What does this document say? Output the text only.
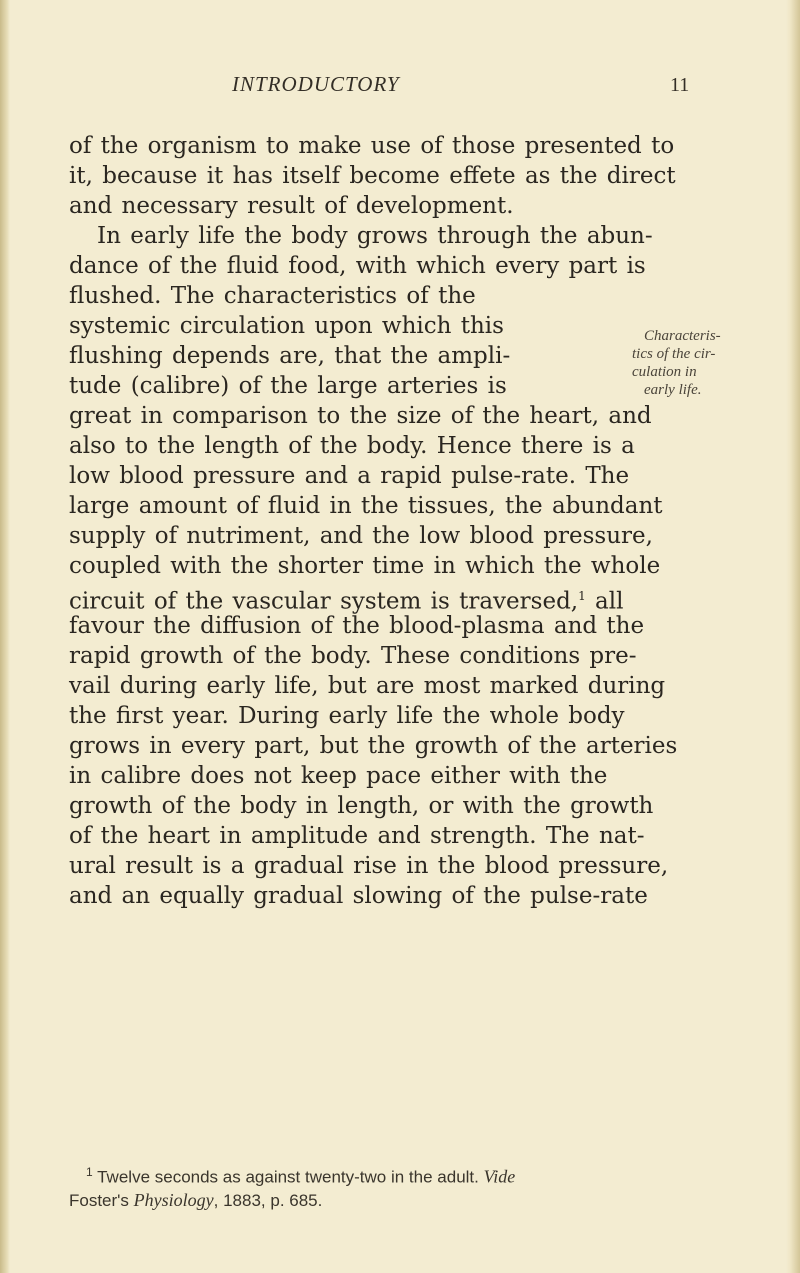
INTRODUCTORY	11
of the organism to make use of those presented to
it, because it has itself become effete as the direct
and necessary result of development.
In early life the body grows through the abun-
dance of the fluid food, with which every part is
flushed. The characteristics of the
systemic circulation upon which this
flushing depends are, that the ampli-
tude (calibre) of the large arteries is
great in comparison to the size of the heart, and
also to the length of the body. Hence there is a
low blood pressure and a rapid pulse-rate. The
large amount of fluid in the tissues, the abundant
supply of nutriment, and the low blood pressure,
coupled with the shorter time in which the whole
circuit of the vascular system is traversed,$^1$ all
favour the diffusion of the blood-plasma and the
rapid growth of the body. These conditions pre-
vail during early life, but are most marked during
the first year. During early life the whole body
grows in every part, but the growth of the arteries
in calibre does not keep pace either with the
growth of the body in length, or with the growth
of the heart in amplitude and strength. The nat-
ural result is a gradual rise in the blood pressure,
and an equally gradual slowing of the pulse-rate
Characteris-
tics of the cir-
culation in
early life.
$^1$ Twelve seconds as against twenty-two in the adult. Vide
Foster's Physiology, 1883, p. 685.
